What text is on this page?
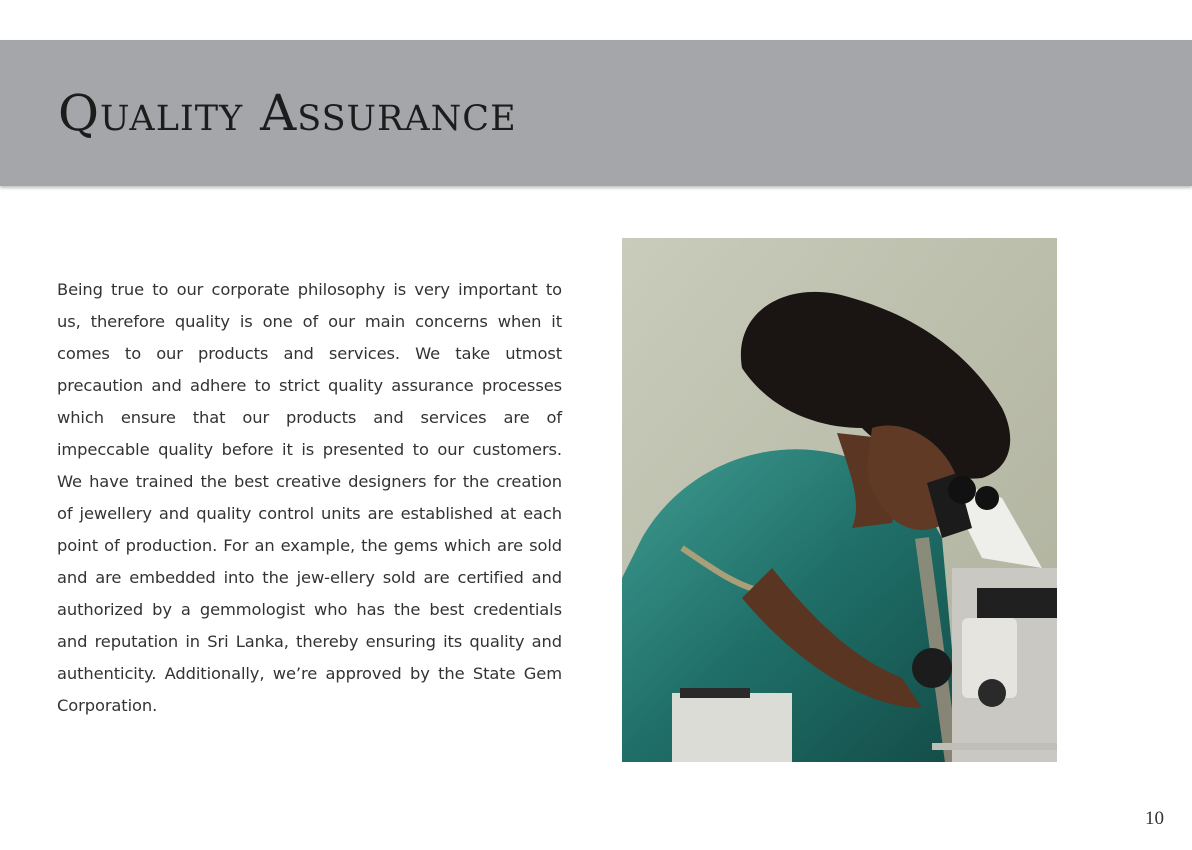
Quality Assurance

Being true to our corporate philosophy is very important to us, therefore quality is one of our main concerns when it comes to our products and services. We take utmost precaution and adhere to strict quality assurance processes which ensure that our products and services are of impeccable quality before it is presented to our customers. We have trained the best creative designers for the creation of jewellery and quality control units are established at each point of production. For an example, the gems which are sold and are embedded into the jew-ellery sold are certified and authorized by a gemmologist who has the best credentials and reputation in Sri Lanka, thereby ensuring its quality and authenticity. Additionally, we’re approved by the State Gem Corporation.

10
